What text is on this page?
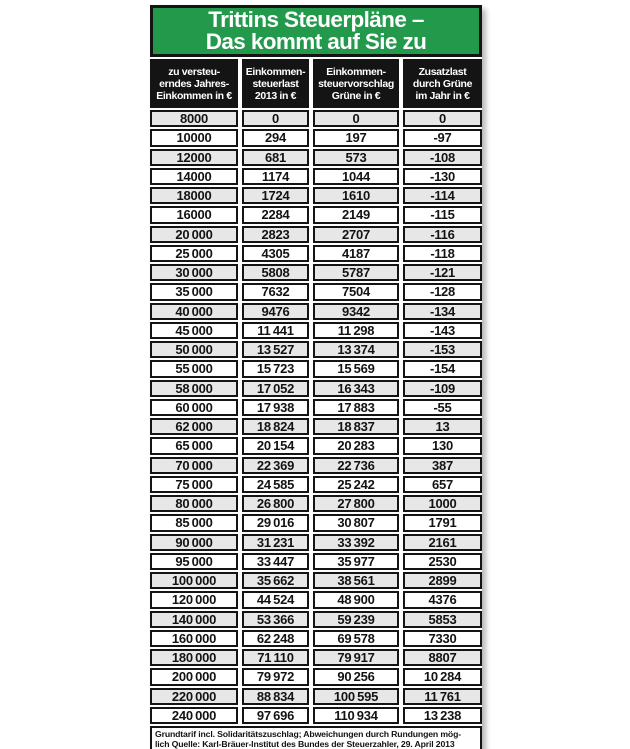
Trittins Steuerpläne –
Das kommt auf Sie zu
zu versteu-
erndes Jahres-
Einkommen in €
Einkommen-
steuerlast
2013 in €
Einkommen-
steuervorschlag
Grüne in €
Zusatzlast
durch Grüne
im Jahr in €
8000	0	0	0
10000	294	197	-97
12000	681	573	-108
14000	1174	1044	-130
18000	1724	1610	-114
16000	2284	2149	-115
20 000	2823	2707	-116
25 000	4305	4187	-118
30 000	5808	5787	-121
35 000	7632	7504	-128
40 000	9476	9342	-134
45 000	11 441	11 298	-143
50 000	13 527	13 374	-153
55 000	15 723	15 569	-154
58 000	17 052	16 343	-109
60 000	17 938	17 883	-55
62 000	18 824	18 837	13
65 000	20 154	20 283	130
70 000	22 369	22 736	387
75 000	24 585	25 242	657
80 000	26 800	27 800	1000
85 000	29 016	30 807	1791
90 000	31 231	33 392	2161
95 000	33 447	35 977	2530
100 000	35 662	38 561	2899
120 000	44 524	48 900	4376
140 000	53 366	59 239	5853
160 000	62 248	69 578	7330
180 000	71 110	79 917	8807
200 000	79 972	90 256	10 284
220 000	88 834	100 595	11 761
240 000	97 696	110 934	13 238
Grundtarif incl. Solidaritätszuschlag; Abweichungen durch Rundungen mög-
lich Quelle: Karl-Bräuer-Institut des Bundes der Steuerzahler, 29. April 2013
